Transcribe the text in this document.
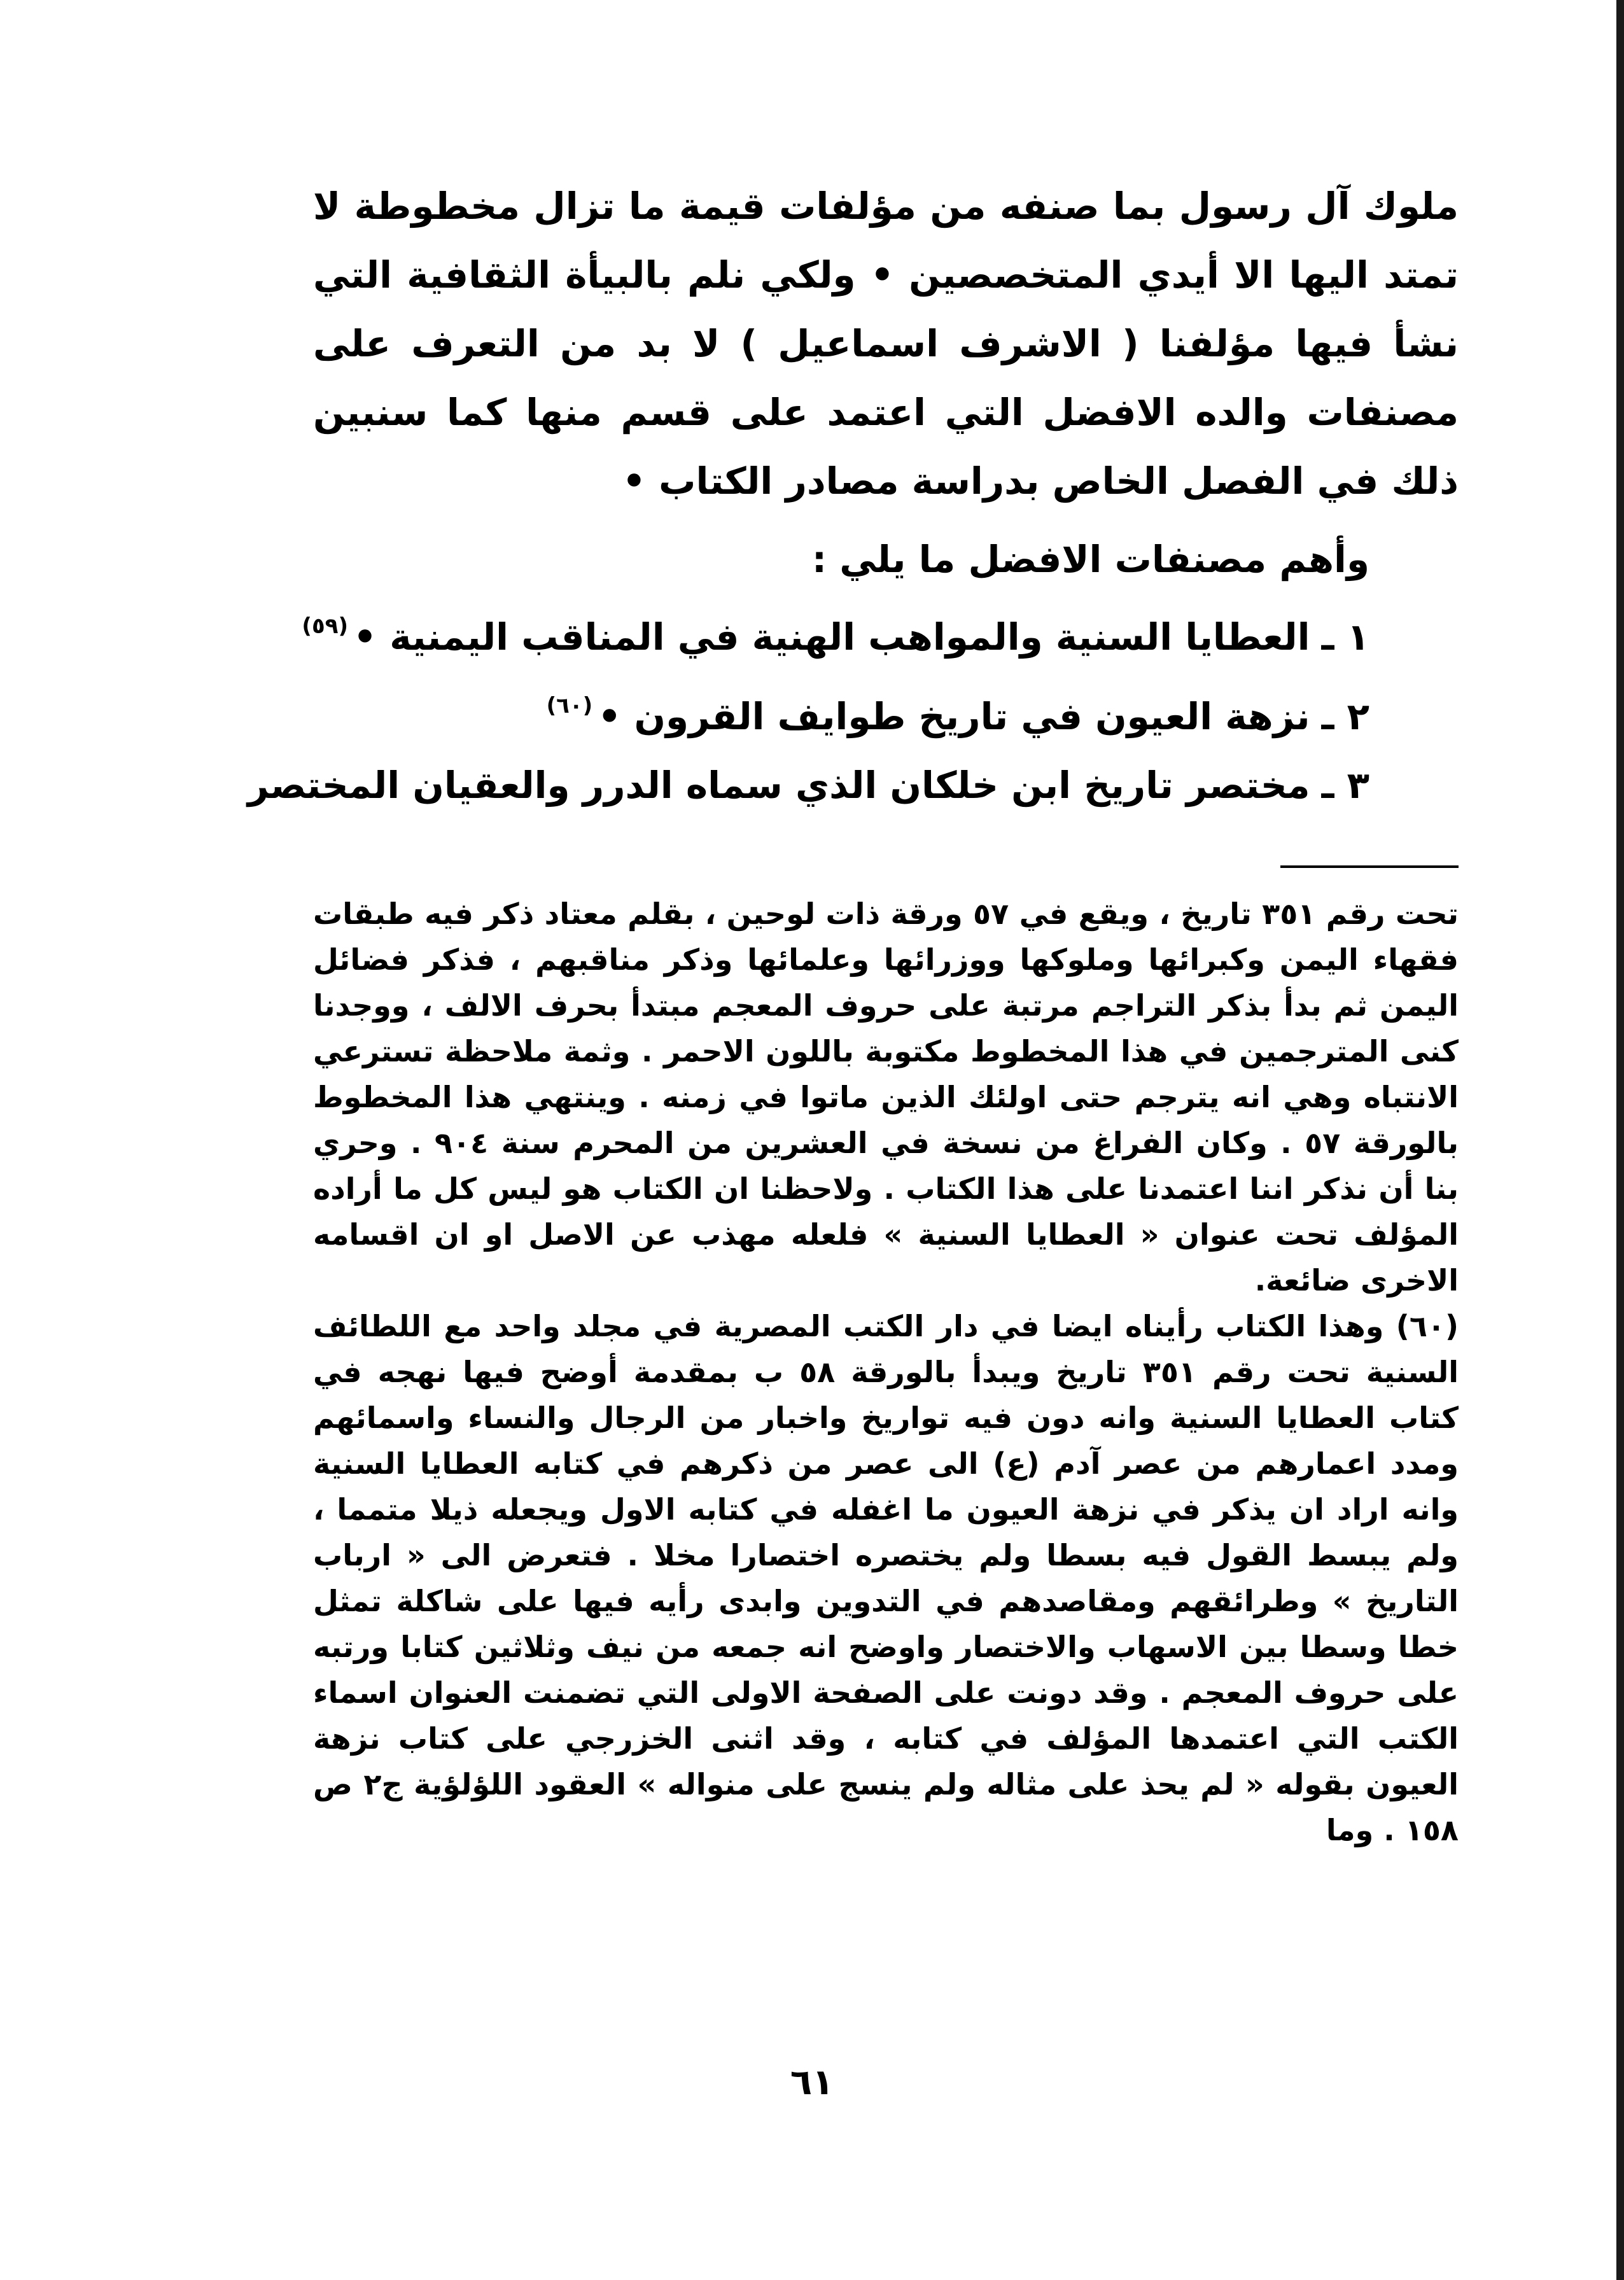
ملوك آل رسول بما صنفه من مؤلفات قيمة ما تزال مخطوطة لا تمتد اليها الا أيدي المتخصصين • ولكي نلم بالبيأة الثقافية التي نشأ فيها مؤلفنا ( الاشرف اسماعيل ) لا بد من التعرف على مصنفات والده الافضل التي اعتمد على قسم منها كما سنبين ذلك في الفصل الخاص بدراسة مصادر الكتاب •

وأهم مصنفات الافضل ما يلي :
١ ـالعطايا السنية والمواهب الهنية في المناقب اليمنية •$^{(٥٩)}$
٢ ـنزهة العيون في تاريخ طوايف القرون •$^{(٦٠)}$
٣ ـمختصر تاريخ ابن خلكان الذي سماه الدرر والعقيان المختصر

تحت رقم ٣٥١ تاريخ ، ويقع في ٥٧ ورقة ذات لوحين ، بقلم معتاد ذكر فيه طبقات فقهاء اليمن وكبرائها وملوكها ووزرائها وعلمائها وذكر مناقبهم ، فذكر فضائل اليمن ثم بدأ بذكر التراجم مرتبة على حروف المعجم مبتدأ بحرف الالف ، ووجدنا كنى المترجمين في هذا المخطوط مكتوبة باللون الاحمر . وثمة ملاحظة تسترعي الانتباه وهي انه يترجم حتى اولئك الذين ماتوا في زمنه . وينتهي هذا المخطوط بالورقة ٥٧ . وكان الفراغ من نسخة في العشرين من المحرم سنة ٩٠٤ . وحري بنا أن نذكر اننا اعتمدنا على هذا الكتاب . ولاحظنا ان الكتاب هو ليس كل ما أراده المؤلف تحت عنوان « العطايا السنية » فلعله مهذب عن الاصل او ان اقسامه الاخرى ضائعة.

(٦٠) وهذا الكتاب رأيناه ايضا في دار الكتب المصرية في مجلد واحد مع اللطائف السنية تحت رقم ٣٥١ تاريخ ويبدأ بالورقة ٥٨ ب بمقدمة أوضح فيها نهجه في كتاب العطايا السنية وانه دون فيه تواريخ واخبار من الرجال والنساء واسمائهم ومدد اعمارهم من عصر آدم (ع) الى عصر من ذكرهم في كتابه العطايا السنية وانه اراد ان يذكر في نزهة العيون ما اغفله في كتابه الاول ويجعله ذيلا متمما ، ولم يبسط القول فيه بسطا ولم يختصره اختصارا مخلا . فتعرض الى « ارباب التاريخ » وطرائقهم ومقاصدهم في التدوين وابدى رأيه فيها على شاكلة تمثل خطا وسطا بين الاسهاب والاختصار واوضح انه جمعه من نيف وثلاثين كتابا ورتبه على حروف المعجم . وقد دونت على الصفحة الاولى التي تضمنت العنوان اسماء الكتب التي اعتمدها المؤلف في كتابه ، وقد اثنى الخزرجي على كتاب نزهة العيون بقوله « لم يحذ على مثاله ولم ينسج على منواله » العقود اللؤلؤية ج٢ ص ١٥٨ . وما

٦١
